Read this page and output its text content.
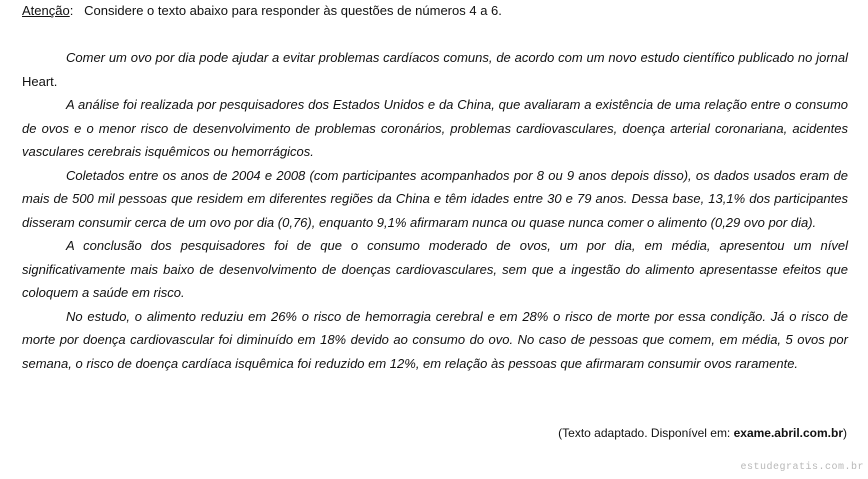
Atenção: Considere o texto abaixo para responder às questões de números 4 a 6.

Comer um ovo por dia pode ajudar a evitar problemas cardíacos comuns, de acordo com um novo estudo científico publicado no jornal Heart.

A análise foi realizada por pesquisadores dos Estados Unidos e da China, que avaliaram a existência de uma relação entre o consumo de ovos e o menor risco de desenvolvimento de problemas coronários, problemas cardiovasculares, doença arterial coronariana, acidentes vasculares cerebrais isquêmicos ou hemorrágicos.

Coletados entre os anos de 2004 e 2008 (com participantes acompanhados por 8 ou 9 anos depois disso), os dados usados eram de mais de 500 mil pessoas que residem em diferentes regiões da China e têm idades entre 30 e 79 anos. Dessa base, 13,1% dos participantes disseram consumir cerca de um ovo por dia (0,76), enquanto 9,1% afirmaram nunca ou quase nunca comer o alimento (0,29 ovo por dia).

A conclusão dos pesquisadores foi de que o consumo moderado de ovos, um por dia, em média, apresentou um nível significativamente mais baixo de desenvolvimento de doenças cardiovasculares, sem que a ingestão do alimento apresentasse efeitos que coloquem a saúde em risco.

No estudo, o alimento reduziu em 26% o risco de hemorragia cerebral e em 28% o risco de morte por essa condição. Já o risco de morte por doença cardiovascular foi diminuído em 18% devido ao consumo do ovo. No caso de pessoas que comem, em média, 5 ovos por semana, o risco de doença cardíaca isquêmica foi reduzido em 12%, em relação às pessoas que afirmaram consumir ovos raramente.

(Texto adaptado. Disponível em: exame.abril.com.br)
estudegratis.com.br
